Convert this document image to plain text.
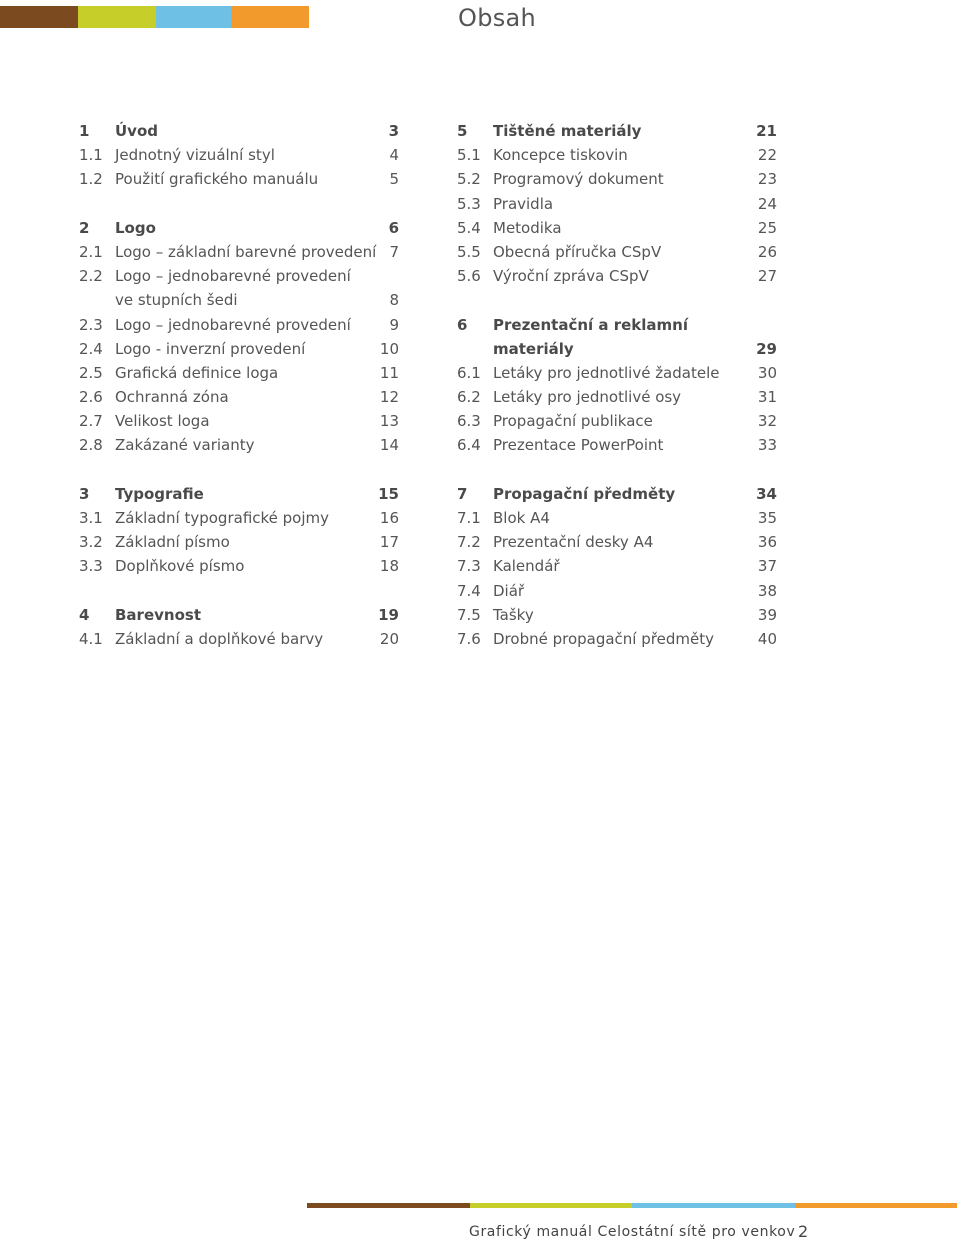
Obsah
1 Úvod	3
1.1 Jednotný vizuální styl	4
1.2 Použití grafického manuálu	5
2 Logo	6
2.1 Logo – základní barevné provedení 7
2.2 Logo – jednobarevné provedení
ve stupních šedi	8
2.3 Logo – jednobarevné provedení	9
2.4 Logo - inverzní provedení	10
2.5 Grafická definice loga	11
2.6 Ochranná zóna	12
2.7 Velikost loga	13
2.8 Zakázané varianty	14
3 Typografie	15
3.1 Základní typografické pojmy	16
3.2 Základní písmo	17
3.3 Doplňkové písmo	18
4 Barevnost	19
4.1 Základní a doplňkové barvy	20
5 Tištěné materiály	21
5.1 Koncepce tiskovin	22
5.2 Programový dokument	23
5.3 Pravidla	24
5.4 Metodika	25
5.5 Obecná příručka CSpV	26
5.6 Výroční zpráva CSpV	27
6 Prezentační a reklamní
materiály	29
6.1 Letáky pro jednotlivé žadatele	30
6.2 Letáky pro jednotlivé osy	31
6.3 Propagační publikace	32
6.4 Prezentace PowerPoint	33
7 Propagační předměty	34
7.1 Blok A4	35
7.2 Prezentační desky A4	36
7.3 Kalendář	37
7.4 Diář	38
7.5 Tašky	39
7.6 Drobné propagační předměty	40
Grafický manuál Celostátní sítě pro venkov 2
